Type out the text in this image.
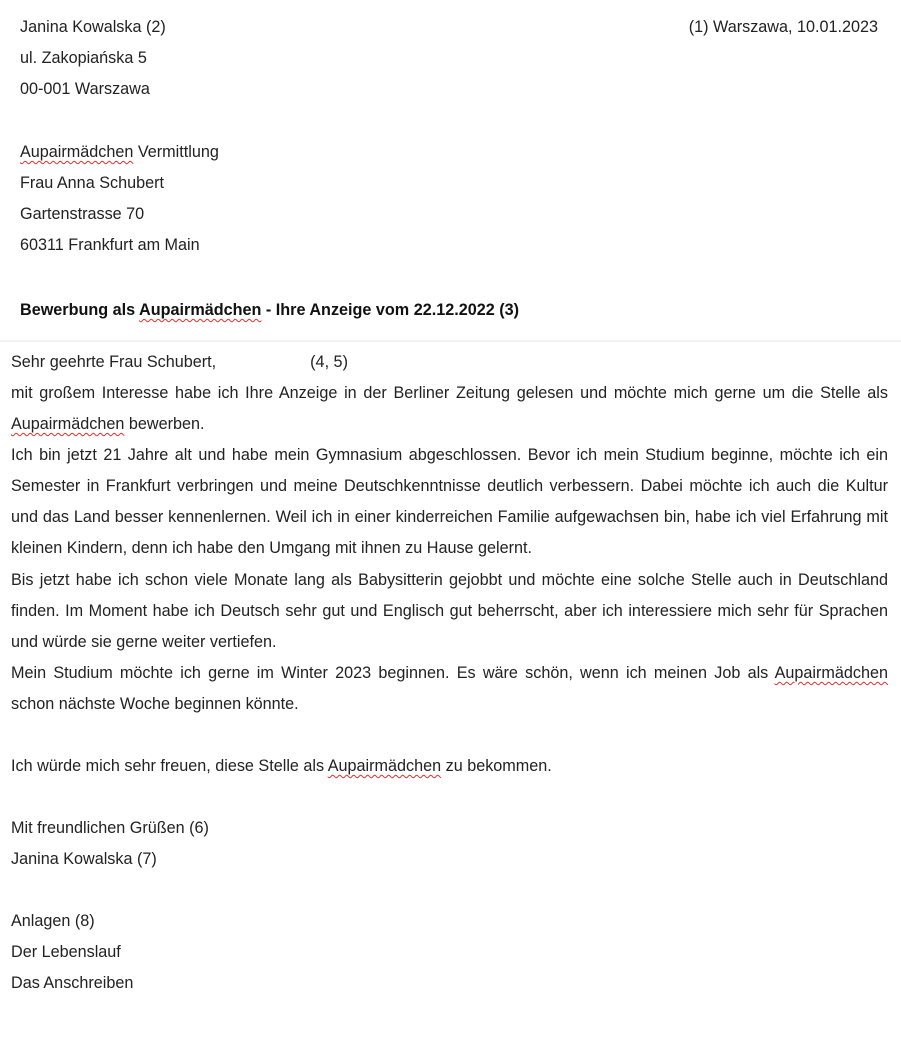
Janina Kowalska (2)
ul. Zakopiańska 5
00-001 Warszawa
(1) Warszawa, 10.01.2023
Aupairmädchen Vermittlung
Frau Anna Schubert
Gartenstrasse 70
60311 Frankfurt am Main
Bewerbung als Aupairmädchen - Ihre Anzeige vom 22.12.2022 (3)
Sehr geehrte Frau Schubert,	(4, 5)

mit großem Interesse habe ich Ihre Anzeige in der Berliner Zeitung gelesen und möchte mich gerne um die Stelle als Aupairmädchen bewerben.

Ich bin jetzt 21 Jahre alt und habe mein Gymnasium abgeschlossen. Bevor ich mein Studium beginne, möchte ich ein Semester in Frankfurt verbringen und meine Deutschkenntnisse deutlich verbessern. Dabei möchte ich auch die Kultur und das Land besser kennenlernen. Weil ich in einer kinderreichen Familie aufgewachsen bin, habe ich viel Erfahrung mit kleinen Kindern, denn ich habe den Umgang mit ihnen zu Hause gelernt.

Bis jetzt habe ich schon viele Monate lang als Babysitterin gejobbt und möchte eine solche Stelle auch in Deutschland finden. Im Moment habe ich Deutsch sehr gut und Englisch gut beherrscht, aber ich interessiere mich sehr für Sprachen und würde sie gerne weiter vertiefen.

Mein Studium möchte ich gerne im Winter 2023 beginnen. Es wäre schön, wenn ich meinen Job als Aupairmädchen schon nächste Woche beginnen könnte.

Ich würde mich sehr freuen, diese Stelle als Aupairmädchen zu bekommen.
Mit freundlichen Grüßen (6)
Janina Kowalska (7)
Anlagen (8)
Der Lebenslauf
Das Anschreiben
